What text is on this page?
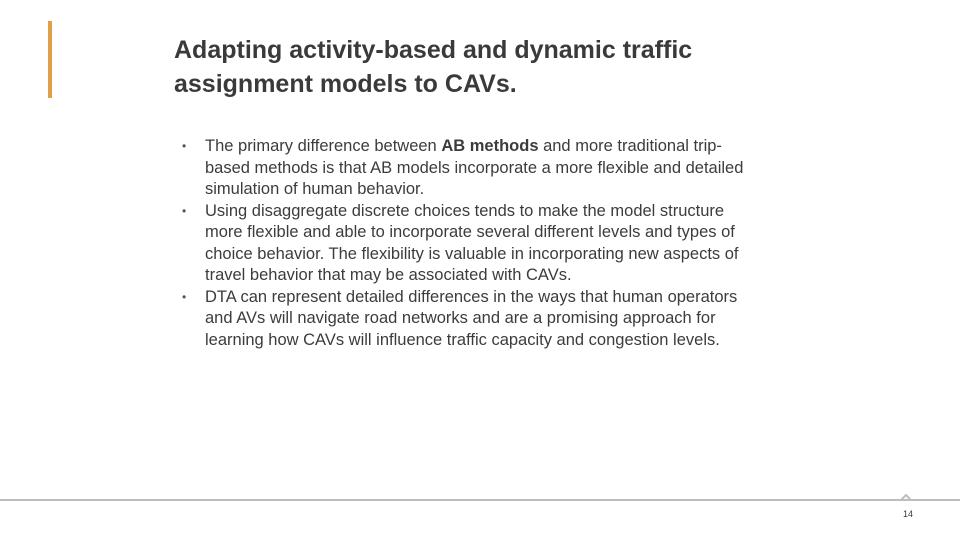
Adapting activity-based and dynamic traffic
assignment models to CAVs.
• The primary difference between AB methods and more traditional trip-
based methods is that AB models incorporate a more flexible and detailed
simulation of human behavior.
• Using disaggregate discrete choices tends to make the model structure
more flexible and able to incorporate several different levels and types of
choice behavior. The flexibility is valuable in incorporating new aspects of
travel behavior that may be associated with CAVs.
• DTA can represent detailed differences in the ways that human operators
and AVs will navigate road networks and are a promising approach for
learning how CAVs will influence traffic capacity and congestion levels.
14
